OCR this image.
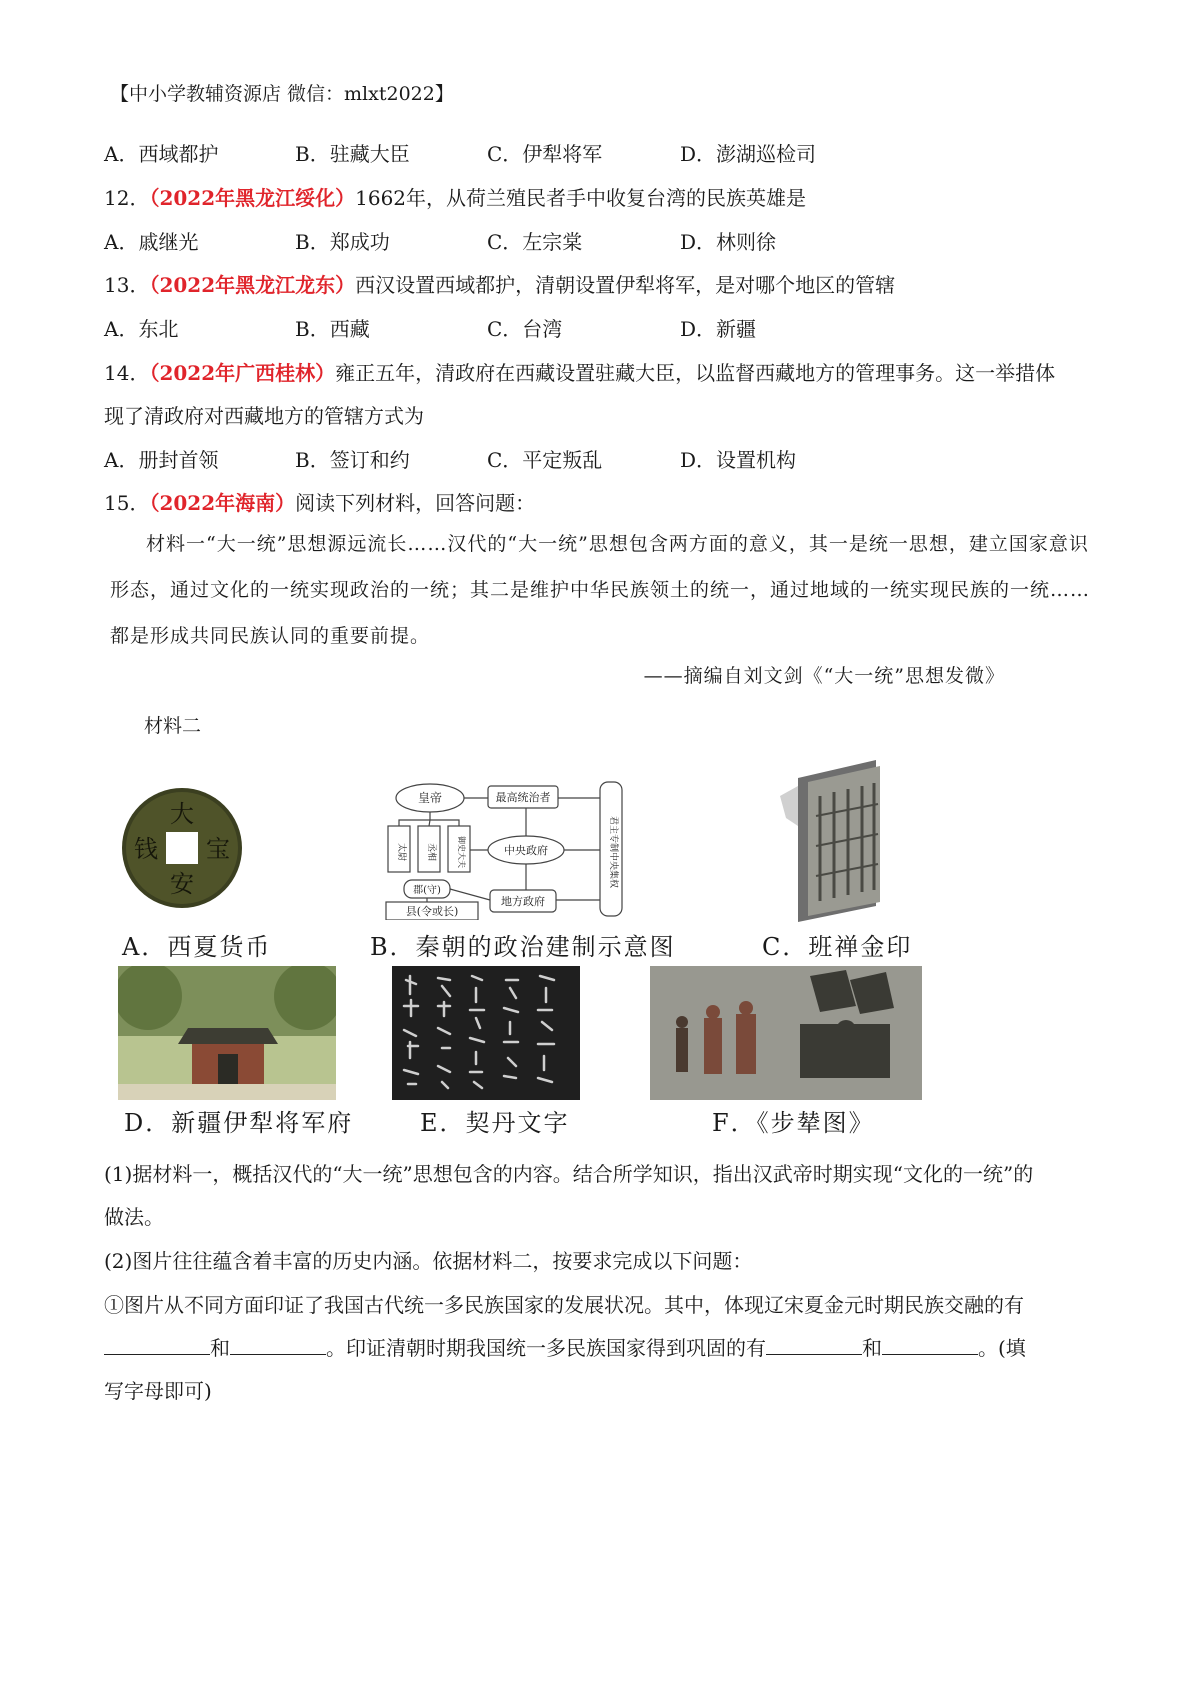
【中小学教辅资源店 微信：mlxt2022】
A．西域都护	B．驻藏大臣	C．伊犁将军	D．澎湖巡检司
12．（2022年黑龙江绥化）1662年，从荷兰殖民者手中收复台湾的民族英雄是
A．戚继光	B．郑成功	C．左宗棠	D．林则徐
13．（2022年黑龙江龙东）西汉设置西域都护，清朝设置伊犁将军，是对哪个地区的管辖
A．东北	B．西藏	C．台湾	D．新疆
14．（2022年广西桂林）雍正五年，清政府在西藏设置驻藏大臣，以监督西藏地方的管理事务。这一举措体
现了清政府对西藏地方的管辖方式为
A．册封首领	B．签订和约	C．平定叛乱	D．设置机构
15．（2022年海南）阅读下列材料，回答问题：
材料一“大一统”思想源远流长……汉代的“大一统”思想包含两方面的意义，其一是统一思想，建立国家意识形态，通过文化的一统实现政治的一统；其二是维护中华民族领土的统一，通过地域的一统实现民族的一统……都是形成共同民族认同的重要前提。
——摘编自刘文剑《“大一统”思想发微》
材料二
大
安
宝
钱
皇帝	最高统治者
中央政府
郡(守)
县(令或长)
地方政府
太尉 丞相	御史大夫	君主专制中央集权
A．西夏货币	B．秦朝的政治建制示意图	C．班禅金印
D．新疆伊犁将军府	E．契丹文字	F．《步辇图》
(1)据材料一，概括汉代的“大一统”思想包含的内容。结合所学知识，指出汉武帝时期实现“文化的一统”的
做法。
(2)图片往往蕴含着丰富的历史内涵。依据材料二，按要求完成以下问题：
①图片从不同方面印证了我国古代统一多民族国家的发展状况。其中，体现辽宋夏金元时期民族交融的有
和	。印证清朝时期我国统一多民族国家得到巩固的有	和	。(填
写字母即可)
